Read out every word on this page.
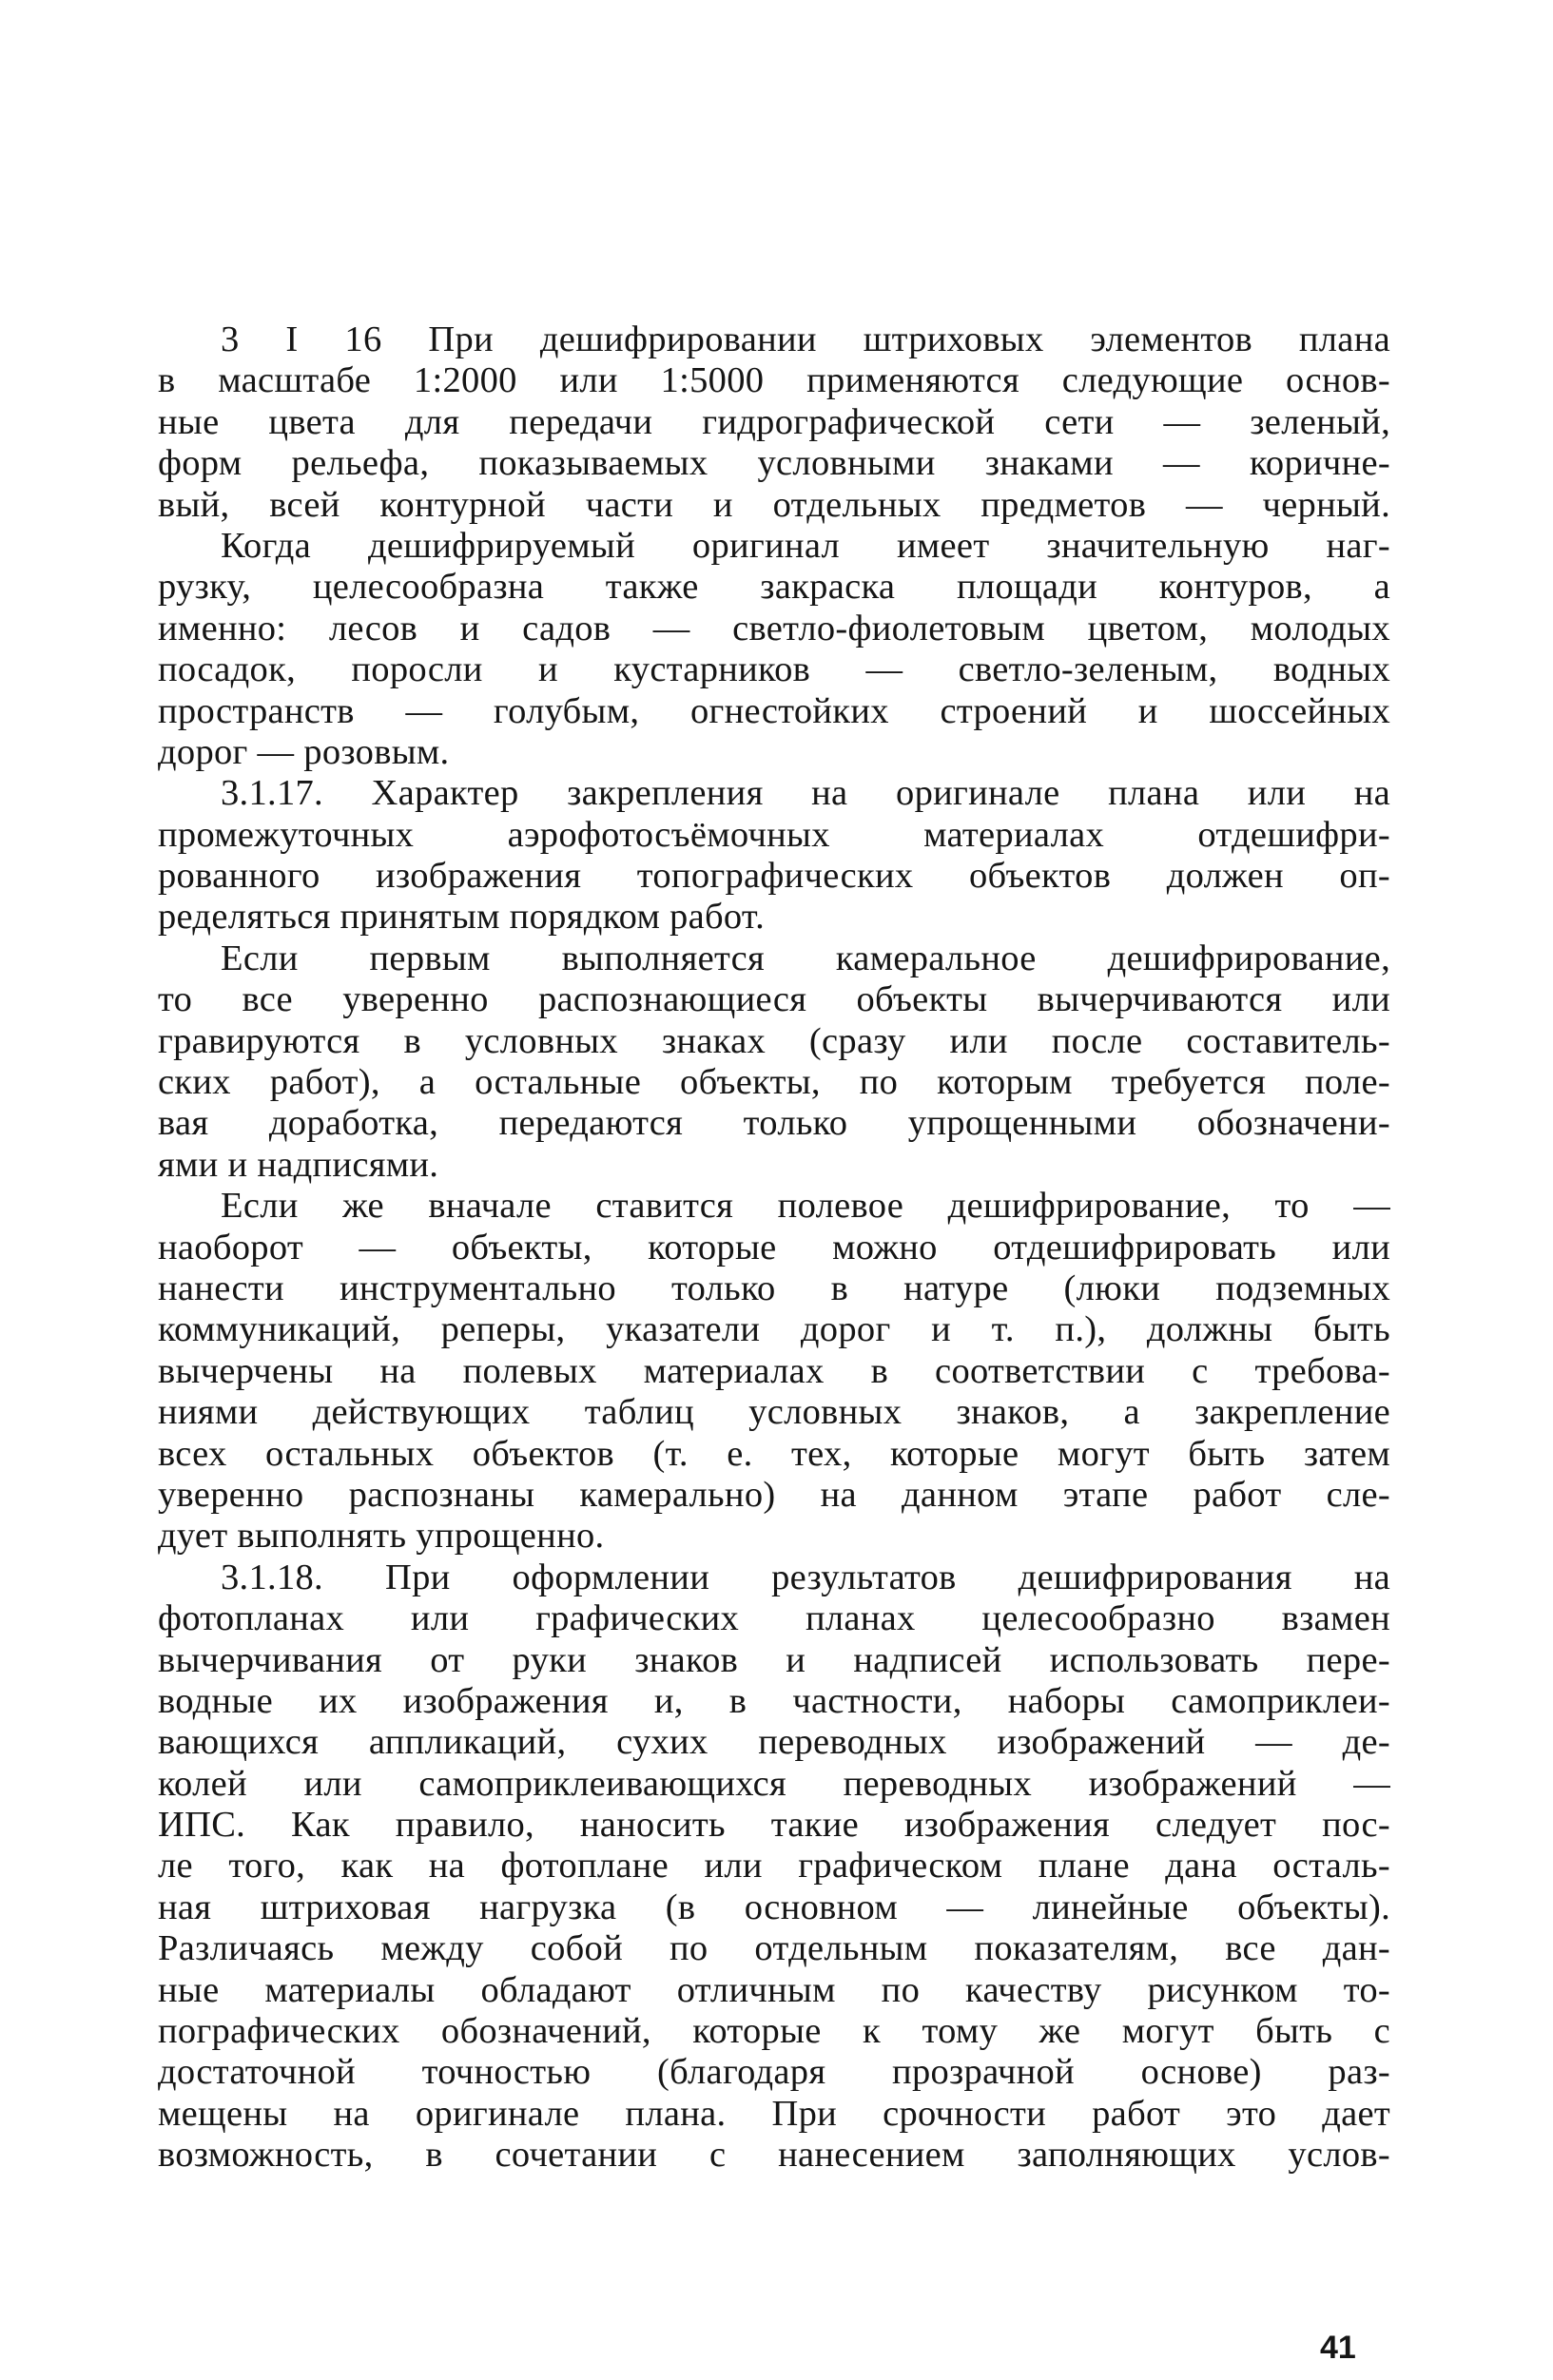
3 I 16 При дешифрировании штриховых элементов плана
в масштабе 1:2000 или 1:5000 применяются следующие основ-
ные цвета для передачи гидрографической сети — зеленый,
форм рельефа, показываемых условными знаками — коричне-
вый, всей контурной части и отдельных предметов — черный.
Когда дешифрируемый оригинал имеет значительную наг-
рузку, целесообразна также закраска площади контуров, а
именно: лесов и садов — светло-фиолетовым цветом, молодых
посадок, поросли и кустарников — светло-зеленым, водных
пространств — голубым, огнестойких строений и шоссейных
дорог — розовым.
3.1.17. Характер закрепления на оригинале плана или на
промежуточных аэрофотосъёмочных материалах отдешифри-
рованного изображения топографических объектов должен оп-
ределяться принятым порядком работ.
Если первым выполняется камеральное дешифрирование,
то все уверенно распознающиеся объекты вычерчиваются или
гравируются в условных знаках (сразу или после составитель-
ских работ), а остальные объекты, по которым требуется поле-
вая доработка, передаются только упрощенными обозначени-
ями и надписями.
Если же вначале ставится полевое дешифрирование, то —
наоборот — объекты, которые можно отдешифрировать или
нанести инструментально только в натуре (люки подземных
коммуникаций, реперы, указатели дорог и т. п.), должны быть
вычерчены на полевых материалах в соответствии с требова-
ниями действующих таблиц условных знаков, а закрепление
всех остальных объектов (т. е. тех, которые могут быть затем
уверенно распознаны камерально) на данном этапе работ сле-
дует выполнять упрощенно.
3.1.18. При оформлении результатов дешифрирования на
фотопланах или графических планах целесообразно взамен
вычерчивания от руки знаков и надписей использовать пере-
водные их изображения и, в частности, наборы самоприклеи-
вающихся аппликаций, сухих переводных изображений — де-
колей или самоприклеивающихся переводных изображений —
ИПС. Как правило, наносить такие изображения следует пос-
ле того, как на фотоплане или графическом плане дана осталь-
ная штриховая нагрузка (в основном — линейные объекты).
Различаясь между собой по отдельным показателям, все дан-
ные материалы обладают отличным по качеству рисунком то-
пографических обозначений, которые к тому же могут быть с
достаточной точностью (благодаря прозрачной основе) раз-
мещены на оригинале плана. При срочности работ это дает
возможность, в сочетании с нанесением заполняющих услов-
41
